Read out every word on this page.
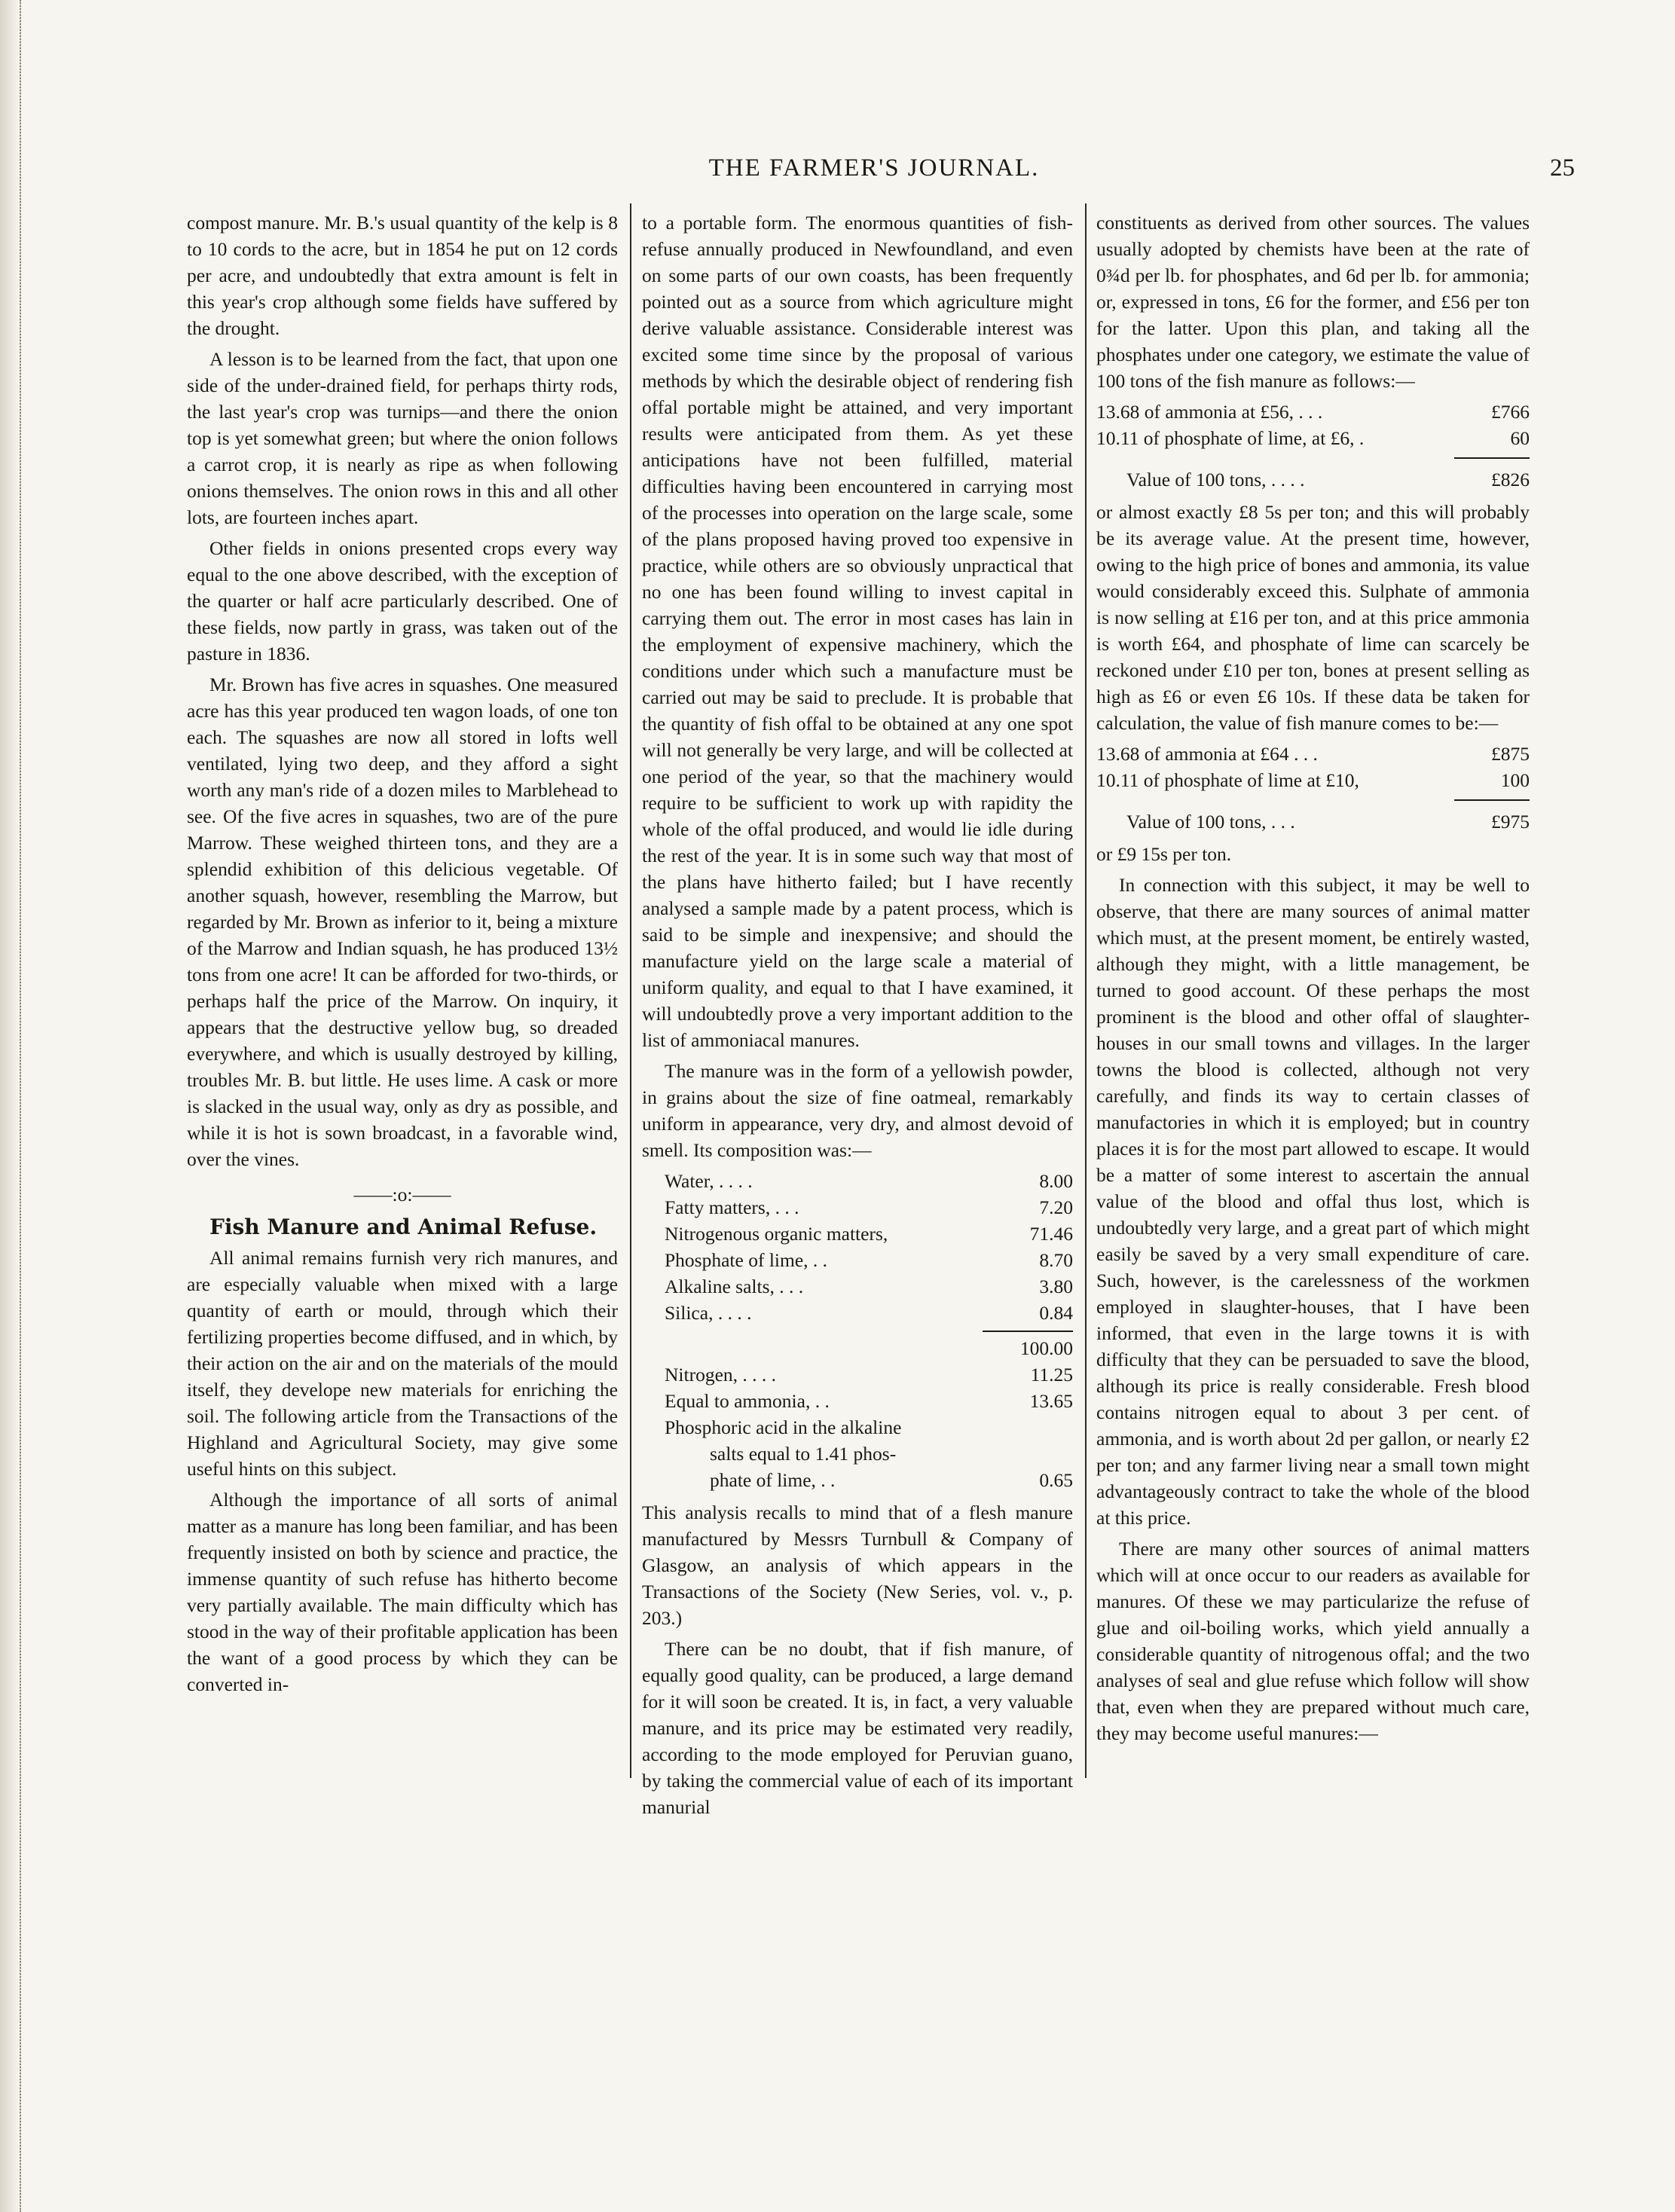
THE FARMER'S JOURNAL.	25

compost manure. Mr. B.'s usual quantity of the kelp is 8 to 10 cords to the acre, but in 1854 he put on 12 cords per acre, and undoubtedly that extra amount is felt in this year's crop although some fields have suffered by the drought.

A lesson is to be learned from the fact, that upon one side of the under-drained field, for perhaps thirty rods, the last year's crop was turnips—and there the onion top is yet somewhat green; but where the onion follows a carrot crop, it is nearly as ripe as when following onions themselves. The onion rows in this and all other lots, are fourteen inches apart.

Other fields in onions presented crops every way equal to the one above described, with the exception of the quarter or half acre particularly described. One of these fields, now partly in grass, was taken out of the pasture in 1836.

Mr. Brown has five acres in squashes. One measured acre has this year produced ten wagon loads, of one ton each. The squashes are now all stored in lofts well ventilated, lying two deep, and they afford a sight worth any man's ride of a dozen miles to Marblehead to see. Of the five acres in squashes, two are of the pure Marrow. These weighed thirteen tons, and they are a splendid exhibition of this delicious vegetable. Of another squash, however, resembling the Marrow, but regarded by Mr. Brown as inferior to it, being a mixture of the Marrow and Indian squash, he has produced 13½ tons from one acre! It can be afforded for two-thirds, or perhaps half the price of the Marrow. On inquiry, it appears that the destructive yellow bug, so dreaded everywhere, and which is usually destroyed by killing, troubles Mr. B. but little. He uses lime. A cask or more is slacked in the usual way, only as dry as possible, and while it is hot is sown broadcast, in a favorable wind, over the vines.

——:o:——

Fish Manure and Animal Refuse.

All animal remains furnish very rich manures, and are especially valuable when mixed with a large quantity of earth or mould, through which their fertilizing properties become diffused, and in which, by their action on the air and on the materials of the mould itself, they develope new materials for enriching the soil. The following article from the Transactions of the Highland and Agricultural Society, may give some useful hints on this subject.

Although the importance of all sorts of animal matter as a manure has long been familiar, and has been frequently insisted on both by science and practice, the immense quantity of such refuse has hitherto become very partially available. The main difficulty which has stood in the way of their profitable application has been the want of a good process by which they can be converted in-

to a portable form. The enormous quantities of fish-refuse annually produced in Newfoundland, and even on some parts of our own coasts, has been frequently pointed out as a source from which agriculture might derive valuable assistance. Considerable interest was excited some time since by the proposal of various methods by which the desirable object of rendering fish offal portable might be attained, and very important results were anticipated from them. As yet these anticipations have not been fulfilled, material difficulties having been encountered in carrying most of the processes into operation on the large scale, some of the plans proposed having proved too expensive in practice, while others are so obviously unpractical that no one has been found willing to invest capital in carrying them out. The error in most cases has lain in the employment of expensive machinery, which the conditions under which such a manufacture must be carried out may be said to preclude. It is probable that the quantity of fish offal to be obtained at any one spot will not generally be very large, and will be collected at one period of the year, so that the machinery would require to be sufficient to work up with rapidity the whole of the offal produced, and would lie idle during the rest of the year. It is in some such way that most of the plans have hitherto failed; but I have recently analysed a sample made by a patent process, which is said to be simple and inexpensive; and should the manufacture yield on the large scale a material of uniform quality, and equal to that I have examined, it will undoubtedly prove a very important addition to the list of ammoniacal manures.

The manure was in the form of a yellowish powder, in grains about the size of fine oatmeal, remarkably uniform in appearance, very dry, and almost devoid of smell. Its composition was:—

Water, . . . .	8.00
Fatty matters, . . .	7.20
Nitrogenous organic matters,	71.46
Phosphate of lime, . .	8.70
Alkaline salts, . . .	3.80
Silica, . . . .	0.84
100.00
Nitrogen, . . . .	11.25
Equal to ammonia, . .	13.65
Phosphoric acid in the alkaline
salts equal to 1.41 phos-
phate of lime, . .	0.65

This analysis recalls to mind that of a flesh manure manufactured by Messrs Turnbull & Company of Glasgow, an analysis of which appears in the Transactions of the Society (New Series, vol. v., p. 203.)

There can be no doubt, that if fish manure, of equally good quality, can be produced, a large demand for it will soon be created. It is, in fact, a very valuable manure, and its price may be estimated very readily, according to the mode employed for Peruvian guano, by taking the commercial value of each of its important manurial

constituents as derived from other sources. The values usually adopted by chemists have been at the rate of 0¾d per lb. for phosphates, and 6d per lb. for ammonia; or, expressed in tons, £6 for the former, and £56 per ton for the latter. Upon this plan, and taking all the phosphates under one category, we estimate the value of 100 tons of the fish manure as follows:—

13.68 of ammonia at £56, . . .	£766
10.11 of phosphate of lime, at £6, .	60
Value of 100 tons, . . . .	£826

or almost exactly £8 5s per ton; and this will probably be its average value. At the present time, however, owing to the high price of bones and ammonia, its value would considerably exceed this. Sulphate of ammonia is now selling at £16 per ton, and at this price ammonia is worth £64, and phosphate of lime can scarcely be reckoned under £10 per ton, bones at present selling as high as £6 or even £6 10s. If these data be taken for calculation, the value of fish manure comes to be:—

13.68 of ammonia at £64 . . .	£875
10.11 of phosphate of lime at £10,	100
Value of 100 tons, . . .	£975

or £9 15s per ton.

In connection with this subject, it may be well to observe, that there are many sources of animal matter which must, at the present moment, be entirely wasted, although they might, with a little management, be turned to good account. Of these perhaps the most prominent is the blood and other offal of slaughter-houses in our small towns and villages. In the larger towns the blood is collected, although not very carefully, and finds its way to certain classes of manufactories in which it is employed; but in country places it is for the most part allowed to escape. It would be a matter of some interest to ascertain the annual value of the blood and offal thus lost, which is undoubtedly very large, and a great part of which might easily be saved by a very small expenditure of care. Such, however, is the carelessness of the workmen employed in slaughter-houses, that I have been informed, that even in the large towns it is with difficulty that they can be persuaded to save the blood, although its price is really considerable. Fresh blood contains nitrogen equal to about 3 per cent. of ammonia, and is worth about 2d per gallon, or nearly £2 per ton; and any farmer living near a small town might advantageously contract to take the whole of the blood at this price.

There are many other sources of animal matters which will at once occur to our readers as available for manures. Of these we may particularize the refuse of glue and oil-boiling works, which yield annually a considerable quantity of nitrogenous offal; and the two analyses of seal and glue refuse which follow will show that, even when they are prepared without much care, they may become useful manures:—
